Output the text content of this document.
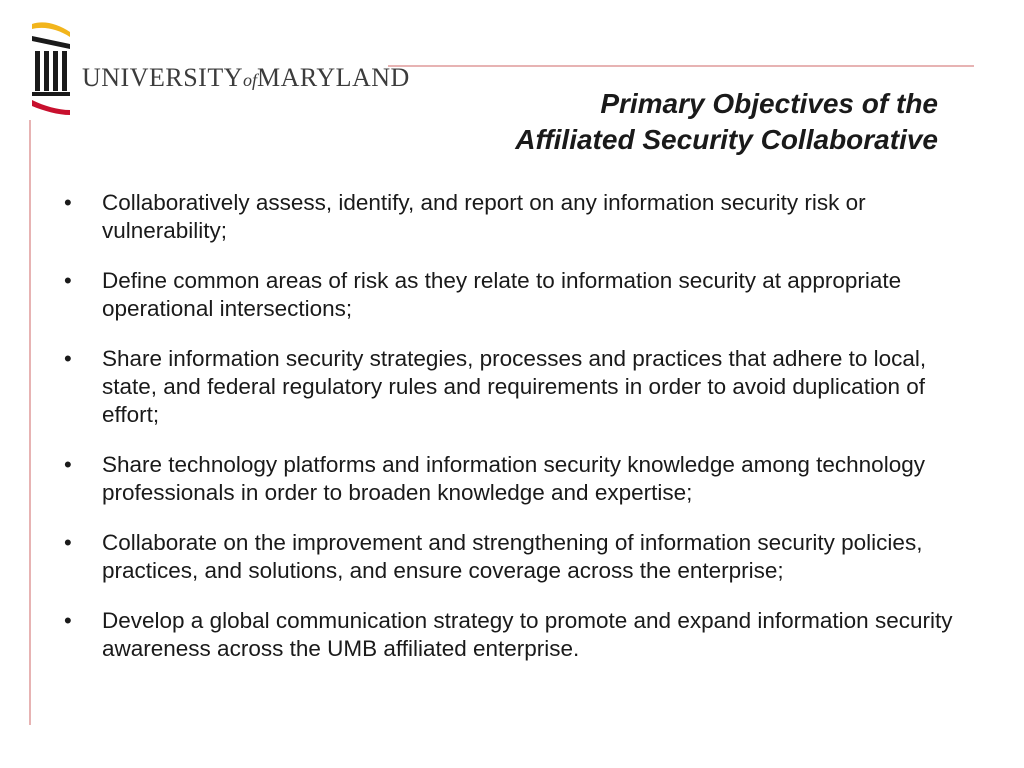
UNIVERSITYofMARYLAND
Primary Objectives of the
Affiliated Security Collaborative
• Collaboratively assess, identify, and report on any information security risk or vulnerability;
• Define common areas of risk as they relate to information security at appropriate operational intersections;
• Share information security strategies, processes and practices that adhere to local, state, and federal regulatory rules and requirements in order to avoid duplication of effort;
• Share technology platforms and information security knowledge among technology professionals in order to broaden knowledge and expertise;
• Collaborate on the improvement and strengthening of information security policies, practices, and solutions, and ensure coverage across the enterprise;
• Develop a global communication strategy to promote and expand information security awareness across the UMB affiliated enterprise.
